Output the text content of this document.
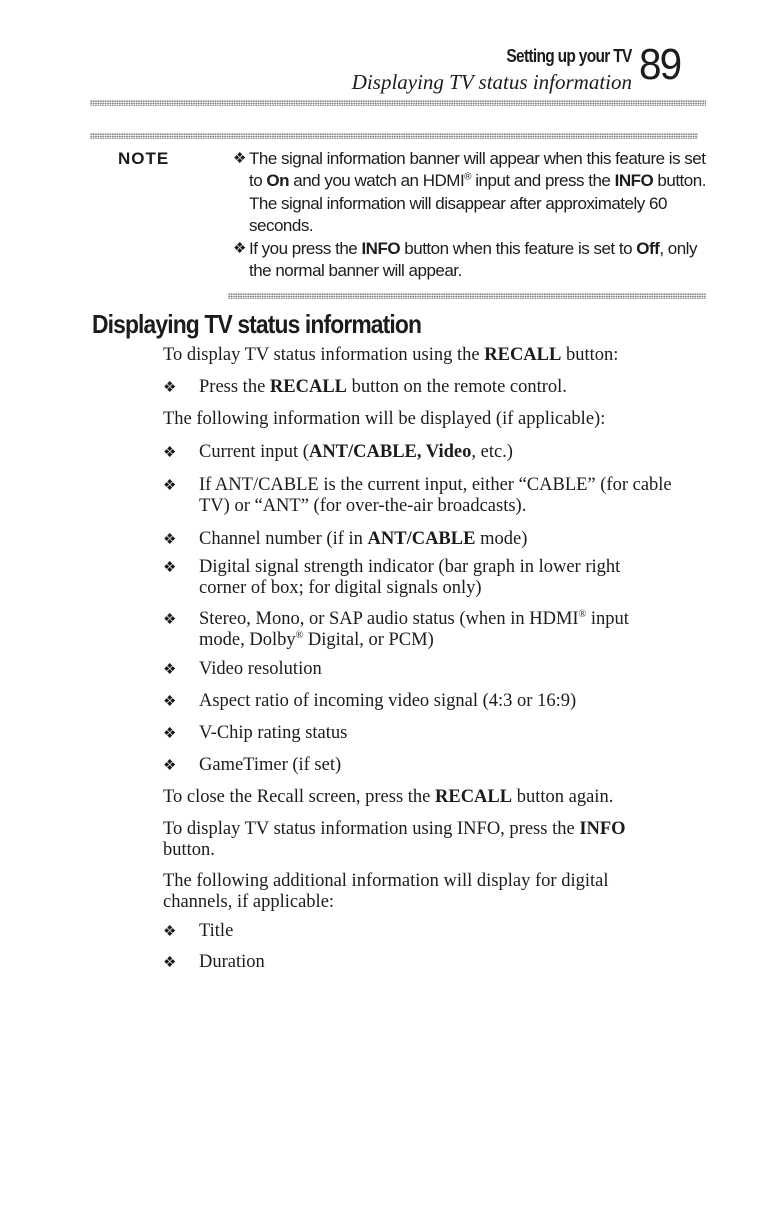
Setting up your TV
Displaying TV status information 89
NOTE	❖ The signal information banner will appear when this feature is set
to On and you watch an HDMI® input and press the INFO button.
The signal information will disappear after approximately 60
seconds.
❖ If you press the INFO button when this feature is set to Off, only
the normal banner will appear.
Displaying TV status information

To display TV status information using the RECALL button:

❖ Press the RECALL button on the remote control.

The following information will be displayed (if applicable):

❖ Current input (ANT/CABLE, Video, etc.)
❖ If ANT/CABLE is the current input, either “CABLE” (for cable
TV) or “ANT” (for over-the-air broadcasts).
❖ Channel number (if in ANT/CABLE mode)
❖ Digital signal strength indicator (bar graph in lower right
corner of box; for digital signals only)
❖ Stereo, Mono, or SAP audio status (when in HDMI® input
mode, Dolby® Digital, or PCM)
❖ Video resolution
❖ Aspect ratio of incoming video signal (4:3 or 16:9)
❖ V-Chip rating status
❖ GameTimer (if set)

To close the Recall screen, press the RECALL button again.

To display TV status information using INFO, press the INFO
button.

The following additional information will display for digital
channels, if applicable:

❖ Title
❖ Duration
